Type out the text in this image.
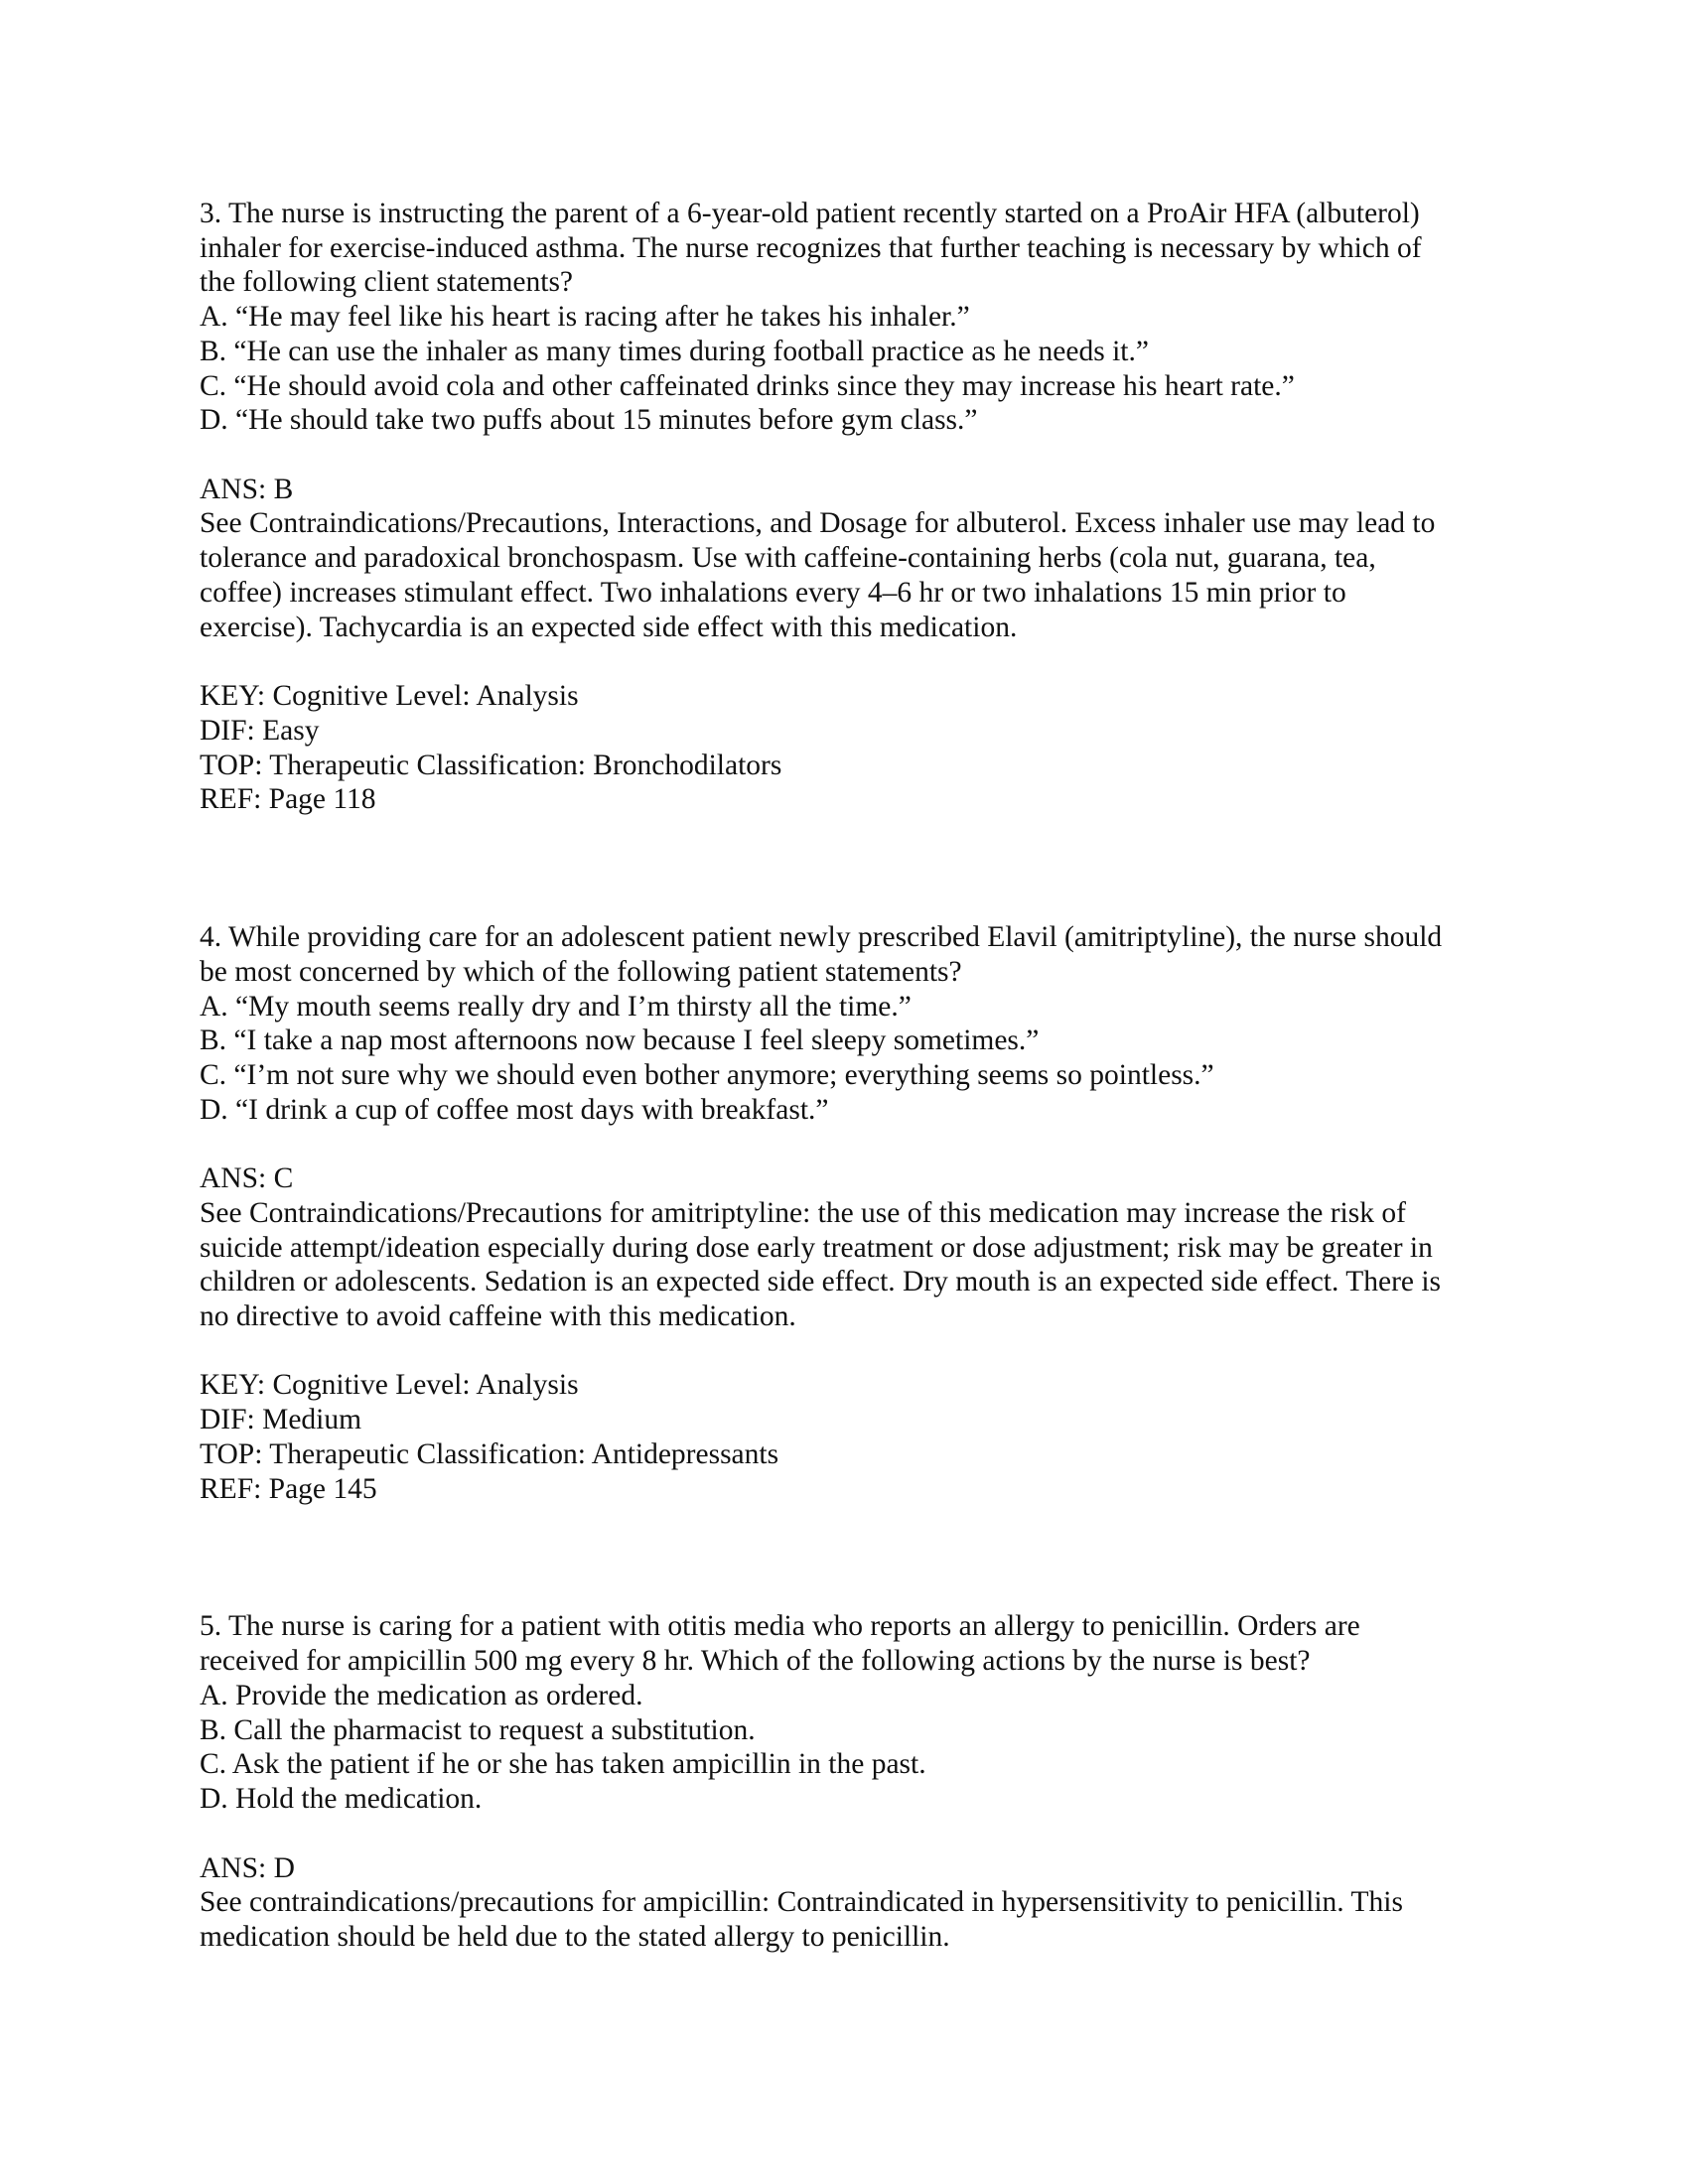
3. The nurse is instructing the parent of a 6-year-old patient recently started on a ProAir HFA (albuterol)
inhaler for exercise-induced asthma. The nurse recognizes that further teaching is necessary by which of
the following client statements?
A. “He may feel like his heart is racing after he takes his inhaler.”
B. “He can use the inhaler as many times during football practice as he needs it.”
C. “He should avoid cola and other caffeinated drinks since they may increase his heart rate.”
D. “He should take two puffs about 15 minutes before gym class.”
ANS: B
See Contraindications/Precautions, Interactions, and Dosage for albuterol. Excess inhaler use may lead to
tolerance and paradoxical bronchospasm. Use with caffeine-containing herbs (cola nut, guarana, tea,
coffee) increases stimulant effect. Two inhalations every 4–6 hr or two inhalations 15 min prior to
exercise). Tachycardia is an expected side effect with this medication.
KEY: Cognitive Level: Analysis
DIF: Easy
TOP: Therapeutic Classification: Bronchodilators
REF: Page 118
4. While providing care for an adolescent patient newly prescribed Elavil (amitriptyline), the nurse should
be most concerned by which of the following patient statements?
A. “My mouth seems really dry and I’m thirsty all the time.”
B. “I take a nap most afternoons now because I feel sleepy sometimes.”
C. “I’m not sure why we should even bother anymore; everything seems so pointless.”
D. “I drink a cup of coffee most days with breakfast.”
ANS: C
See Contraindications/Precautions for amitriptyline: the use of this medication may increase the risk of
suicide attempt/ideation especially during dose early treatment or dose adjustment; risk may be greater in
children or adolescents. Sedation is an expected side effect. Dry mouth is an expected side effect. There is
no directive to avoid caffeine with this medication.
KEY: Cognitive Level: Analysis
DIF: Medium
TOP: Therapeutic Classification: Antidepressants
REF: Page 145
5. The nurse is caring for a patient with otitis media who reports an allergy to penicillin. Orders are
received for ampicillin 500 mg every 8 hr. Which of the following actions by the nurse is best?
A. Provide the medication as ordered.
B. Call the pharmacist to request a substitution.
C. Ask the patient if he or she has taken ampicillin in the past.
D. Hold the medication.
ANS: D
See contraindications/precautions for ampicillin: Contraindicated in hypersensitivity to penicillin. This
medication should be held due to the stated allergy to penicillin.
